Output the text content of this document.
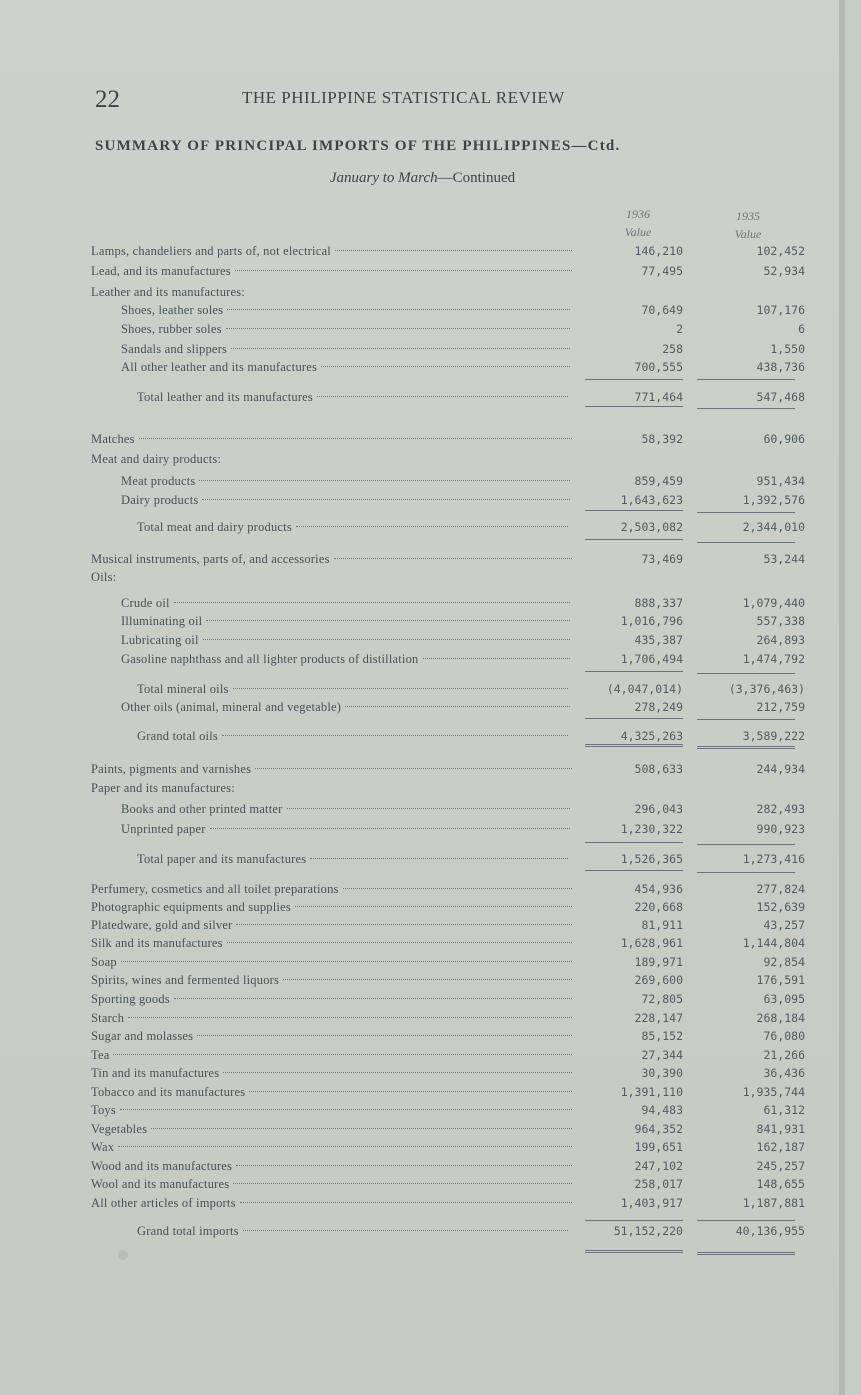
22	THE PHILIPPINE STATISTICAL REVIEW
SUMMARY OF PRINCIPAL IMPORTS OF THE PHILIPPINES—Ctd.
January to March—Continued
1936
Value
1935
Value
Lamps, chandeliers and parts of, not electrical	146,210	102,452
Lead, and its manufactures	77,495	52,934
Leather and its manufactures:
Shoes, leather soles	70,649	107,176
Shoes, rubber soles	2	6
Sandals and slippers	258	1,550
All other leather and its manufactures	700,555	438,736
Total leather and its manufactures	771,464	547,468
Matches	58,392	60,906
Meat and dairy products:
Meat products	859,459	951,434
Dairy products	1,643,623	1,392,576
Total meat and dairy products	2,503,082	2,344,010
Musical instruments, parts of, and accessories	73,469	53,244
Oils:
Crude oil	888,337	1,079,440
Illuminating oil	1,016,796	557,338
Lubricating oil	435,387	264,893
Gasoline naphthass and all lighter products of distillation	1,706,494	1,474,792
Total mineral oils	(4,047,014)	(3,376,463)
Other oils (animal, mineral and vegetable)	278,249	212,759
Grand total oils	4,325,263	3,589,222
Paints, pigments and varnishes	508,633	244,934
Paper and its manufactures:
Books and other printed matter	296,043	282,493
Unprinted paper	1,230,322	990,923
Total paper and its manufactures	1,526,365	1,273,416
Perfumery, cosmetics and all toilet preparations	454,936	277,824
Photographic equipments and supplies	220,668	152,639
Platedware, gold and silver	81,911	43,257
Silk and its manufactures	1,628,961	1,144,804
Soap	189,971	92,854
Spirits, wines and fermented liquors	269,600	176,591
Sporting goods	72,805	63,095
Starch	228,147	268,184
Sugar and molasses	85,152	76,080
Tea	27,344	21,266
Tin and its manufactures	30,390	36,436
Tobacco and its manufactures	1,391,110	1,935,744
Toys	94,483	61,312
Vegetables	964,352	841,931
Wax	199,651	162,187
Wood and its manufactures	247,102	245,257
Wool and its manufactures	258,017	148,655
All other articles of imports	1,403,917	1,187,881
Grand total imports	51,152,220	40,136,955
